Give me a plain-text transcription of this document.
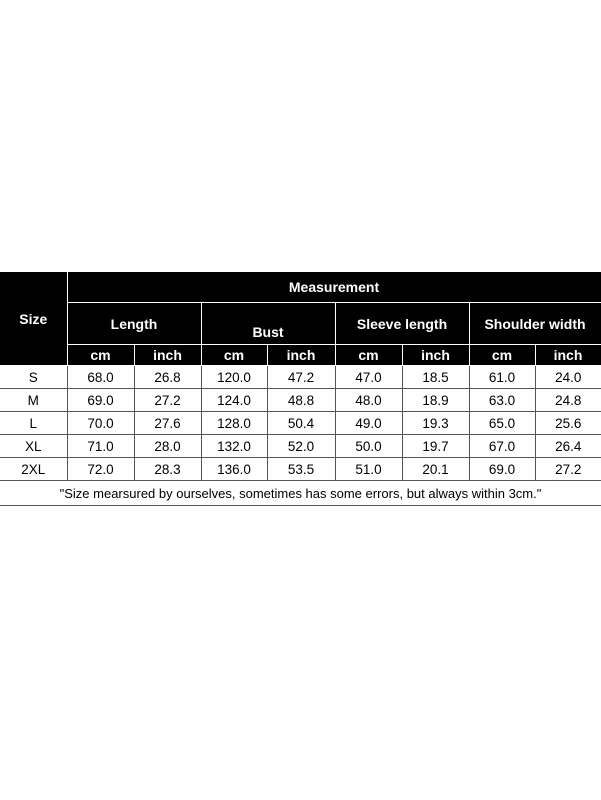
Size	Measurement							
	Length		Bust		Sleeve length		Shoulder width	
	cm	inch	cm	inch	cm	inch	cm	inch
S	68.0	26.8	120.0	47.2	47.0	18.5	61.0	24.0
M	69.0	27.2	124.0	48.8	48.0	18.9	63.0	24.8
L	70.0	27.6	128.0	50.4	49.0	19.3	65.0	25.6
XL	71.0	28.0	132.0	52.0	50.0	19.7	67.0	26.4
2XL	72.0	28.3	136.0	53.5	51.0	20.1	69.0	27.2
"Size mearsured by ourselves, sometimes has some errors, but always within 3cm."								
